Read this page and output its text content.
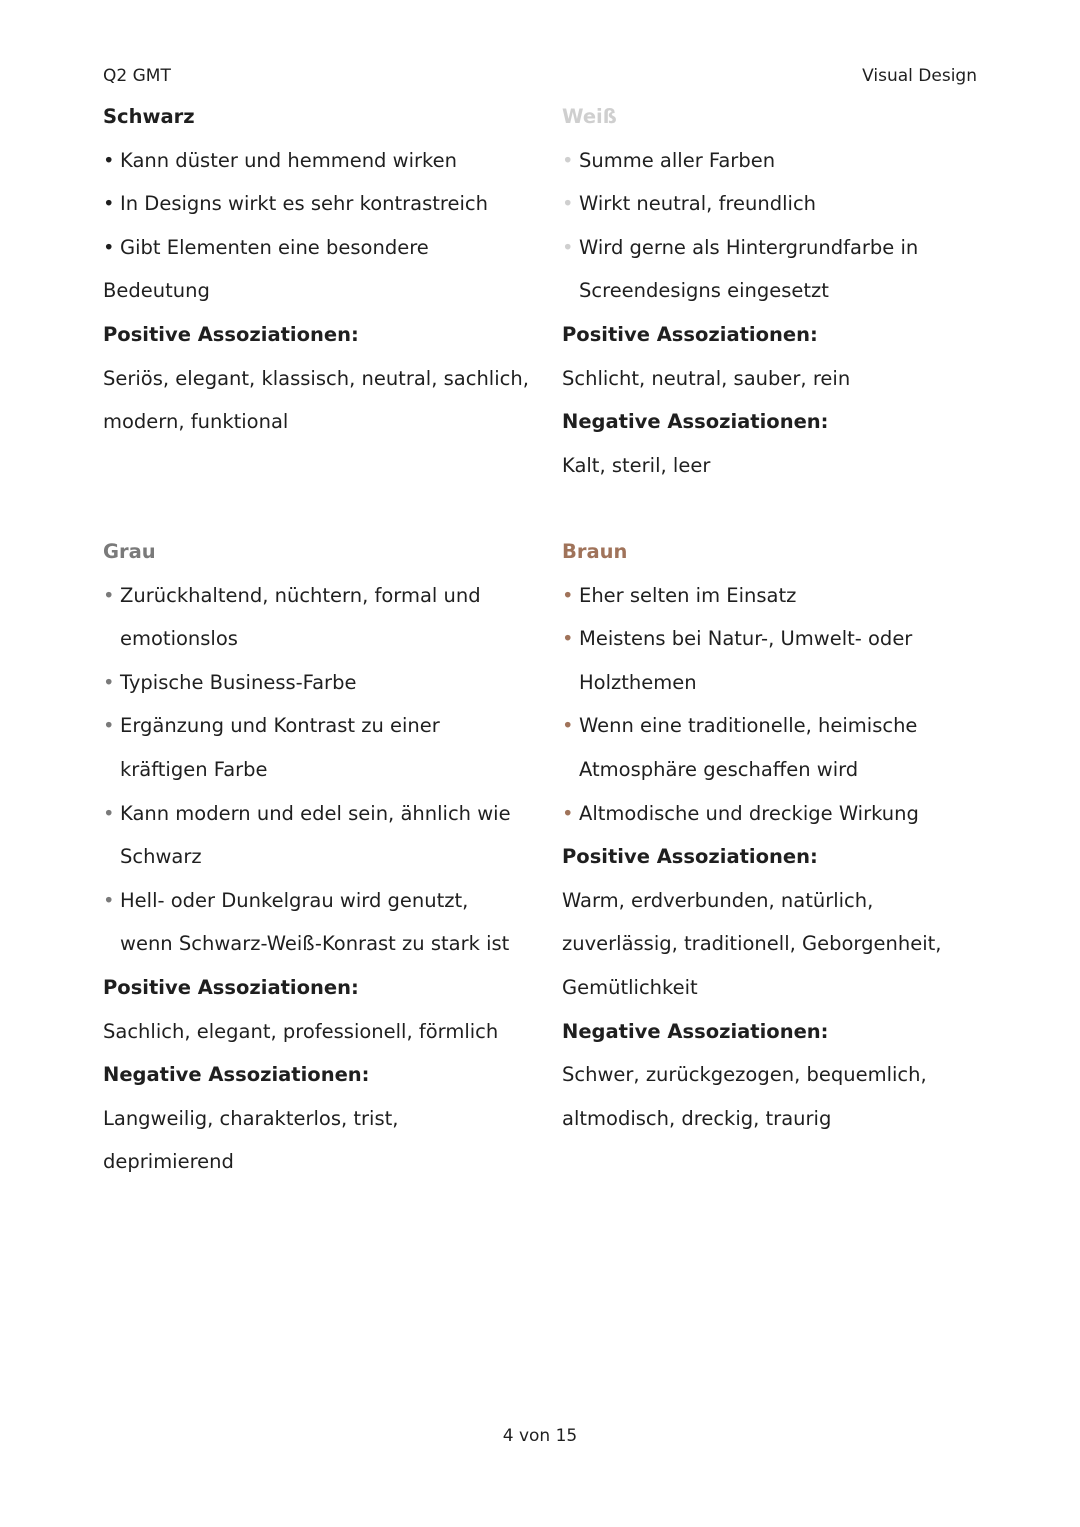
Q2 GMT	Visual Design
Schwarz
• Kann düster und hemmend wirken
• In Designs wirkt es sehr kontrastreich
• Gibt Elementen eine besondere
Bedeutung
Positive Assoziationen:
Seriös, elegant, klassisch, neutral, sachlich,
modern, funktional
Weiß
• Summe aller Farben
• Wirkt neutral, freundlich
• Wird gerne als Hintergrundfarbe in
Screendesigns eingesetzt
Positive Assoziationen:
Schlicht, neutral, sauber, rein
Negative Assoziationen:
Kalt, steril, leer
Grau
• Zurückhaltend, nüchtern, formal und
emotionslos
• Typische Business-Farbe
• Ergänzung und Kontrast zu einer
kräftigen Farbe
• Kann modern und edel sein, ähnlich wie
Schwarz
• Hell- oder Dunkelgrau wird genutzt,
wenn Schwarz-Weiß-Konrast zu stark ist
Positive Assoziationen:
Sachlich, elegant, professionell, förmlich
Negative Assoziationen:
Langweilig, charakterlos, trist,
deprimierend
Braun
• Eher selten im Einsatz
• Meistens bei Natur-, Umwelt- oder
Holzthemen
• Wenn eine traditionelle, heimische
Atmosphäre geschaffen wird
• Altmodische und dreckige Wirkung
Positive Assoziationen:
Warm, erdverbunden, natürlich,
zuverlässig, traditionell, Geborgenheit,
Gemütlichkeit
Negative Assoziationen:
Schwer, zurückgezogen, bequemlich,
altmodisch, dreckig, traurig
4 von 15
